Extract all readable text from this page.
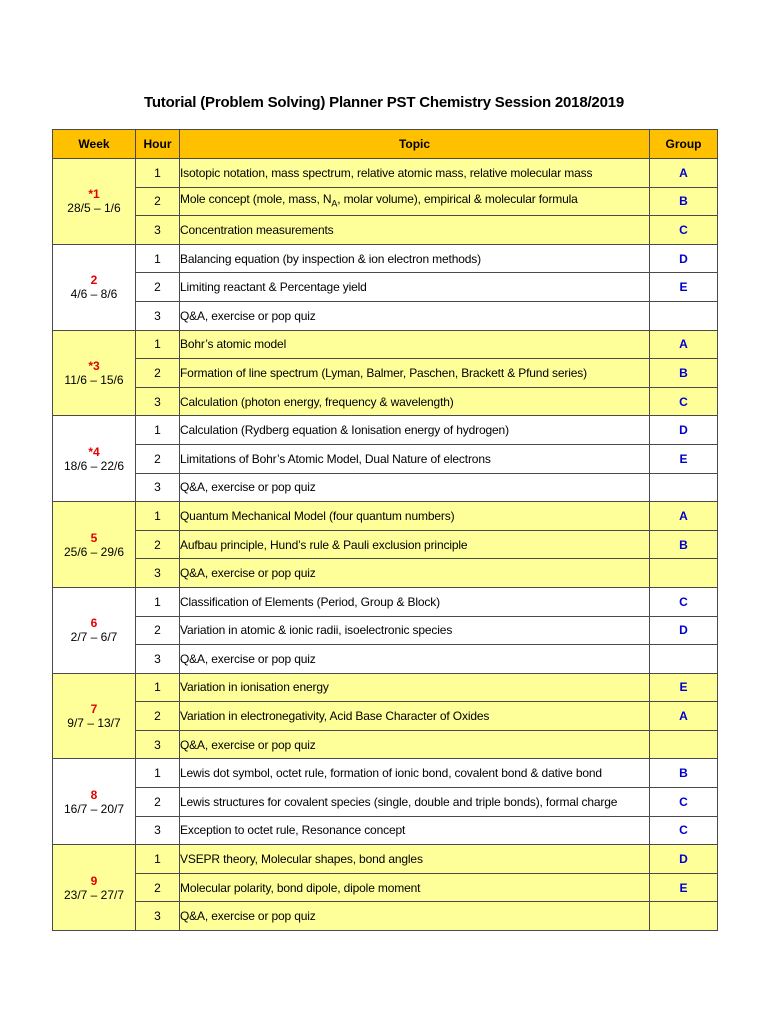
Tutorial (Problem Solving) Planner PST Chemistry Session 2018/2019
Week	Hour	Topic	Group

*1
28/5 – 1/6	1	Isotopic notation, mass spectrum, relative atomic mass, relative molecular mass	A
	2	Mole concept (mole, mass, $N_A$, molar volume), empirical & molecular formula	B
	3	Concentration measurements	C

2
4/6 – 8/6	1	Balancing equation (by inspection & ion electron methods)	D
	2	Limiting reactant & Percentage yield	E
	3	Q&A, exercise or pop quiz	

*3
11/6 – 15/6	1	Bohr’s atomic model	A
	2	Formation of line spectrum (Lyman, Balmer, Paschen, Brackett & Pfund series)	B
	3	Calculation (photon energy, frequency & wavelength)	C

*4
18/6 – 22/6	1	Calculation (Rydberg equation & Ionisation energy of hydrogen)	D
	2	Limitations of Bohr’s Atomic Model, Dual Nature of electrons	E
	3	Q&A, exercise or pop quiz	

5
25/6 – 29/6	1	Quantum Mechanical Model (four quantum numbers)	A
	2	Aufbau principle, Hund’s rule & Pauli exclusion principle	B
	3	Q&A, exercise or pop quiz	

6
2/7 – 6/7	1	Classification of Elements (Period, Group & Block)	C
	2	Variation in atomic & ionic radii, isoelectronic species	D
	3	Q&A, exercise or pop quiz	

7
9/7 – 13/7	1	Variation in ionisation energy	E
	2	Variation in electronegativity, Acid Base Character of Oxides	A
	3	Q&A, exercise or pop quiz	

8
16/7 – 20/7	1	Lewis dot symbol, octet rule, formation of ionic bond, covalent bond & dative bond	B
	2	Lewis structures for covalent species (single, double and triple bonds), formal charge	C
	3	Exception to octet rule, Resonance concept	C

9
23/7 – 27/7	1	VSEPR theory, Molecular shapes, bond angles	D
	2	Molecular polarity, bond dipole, dipole moment	E
	3	Q&A, exercise or pop quiz	
